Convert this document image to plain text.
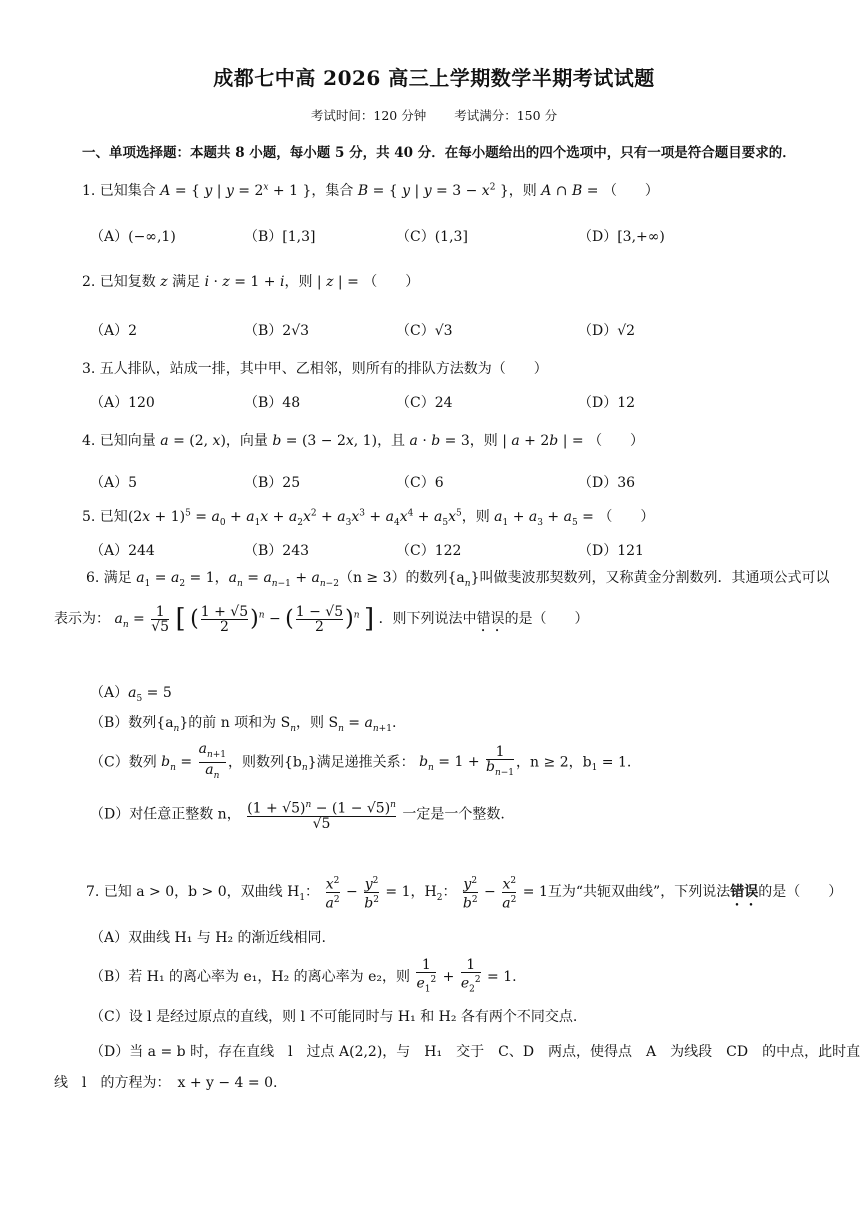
成都七中高 2026 高三上学期数学半期考试试题
考试时间：120 分钟 考试满分：150 分
一、单项选择题：本题共 8 小题，每小题 5 分，共 40 分．在每小题给出的四个选项中，只有一项是符合题目要求的．
1. 已知集合 A = { y | $y = 2^x + 1$ }，集合 B = { y | $y = 3 - x^2$ }，则 A ∩ B = （　　）
（A）(−∞,1)	（B）[1,3]	（C）(1,3]	（D）[3,+∞)
2. 已知复数 z 满足 i · z = 1 + i，则 | z | = （　　）
（A）2	（B）2√3	（C）√3	（D）√2
3. 五人排队，站成一排，其中甲、乙相邻，则所有的排队方法数为（　　）
（A）120	（B）48	（C）24	（D）12
4. 已知向量 a = (2, x)，向量 b = (3 − 2x, 1)，且 a · b = 3，则 | a + 2b | = （　　）
（A）5	（B）25	（C）6	（D）36
5. 已知$(2x + 1)^5 = a_0 + a_1x + a_2x^2 + a_3x^3 + a_4x^4 + a_5x^5$，则 $a_1 + a_3 + a_5$ = （　　）
（A）244	（B）243	（C）122	（D）121
6. 满足 $a_1 = a_2 = 1$，$a_n = a_{n-1} + a_{n-2}(n \ge 3)$的数列$\{a_n\}$叫做斐波那契数列，又称黄金分割数列．其通项公式可以
表示为： $a_n = \frac{1}{√5}$ [ ( $\frac{1 + √5}{2} )^n$ − ( $\frac{1 - √5}{2} )^n$ ] ．则下列说法中错误的是（　　）
$(A)a_5 = 5$
（B）数列$\{a_n\}$的前 n 项和为 $S_n$，则 $S_n = a_{n+1}$.
（C）数列 $b_n = \frac{a_{n+1}}{a_n}$ ，则数列$\{b_n\}$满足递推关系： $b_n = 1 + \frac{1}{b_{n-1}}$ ，n ≥ 2，$b_1 = 1$.
（D）对任意正整数 n， $\frac{(1 + √5)^n - (1 - √5)^n}{√5}$ 一定是一个整数.
7. 已知 a > 0，b > 0，双曲线 $H_1$： $\frac{x^2}{a^2} - \frac{y^2}{b^2} = 1$，$H_2$： $\frac{y^2}{b^2} - \frac{x^2}{a^2} = 1$互为“共轭双曲线”，下列说法错误的是（　　）
（A）双曲线 H₁ 与 H₂ 的渐近线相同.
（B）若 H₁ 的离心率为 e₁，H₂ 的离心率为 e₂，则 $\frac{1}{e_1^2} + \frac{1}{e_2^2} = 1$.
（C）设 l 是经过原点的直线，则 l 不可能同时与 H₁ 和 H₂ 各有两个不同交点.
（D）当 a = b 时，存在直线　l　过点 A(2,2)，与　H₁　交于　C、D　两点，使得点　A　为线段　CD　的中点，此时直
线　l　的方程为：　x + y − 4 = 0.
